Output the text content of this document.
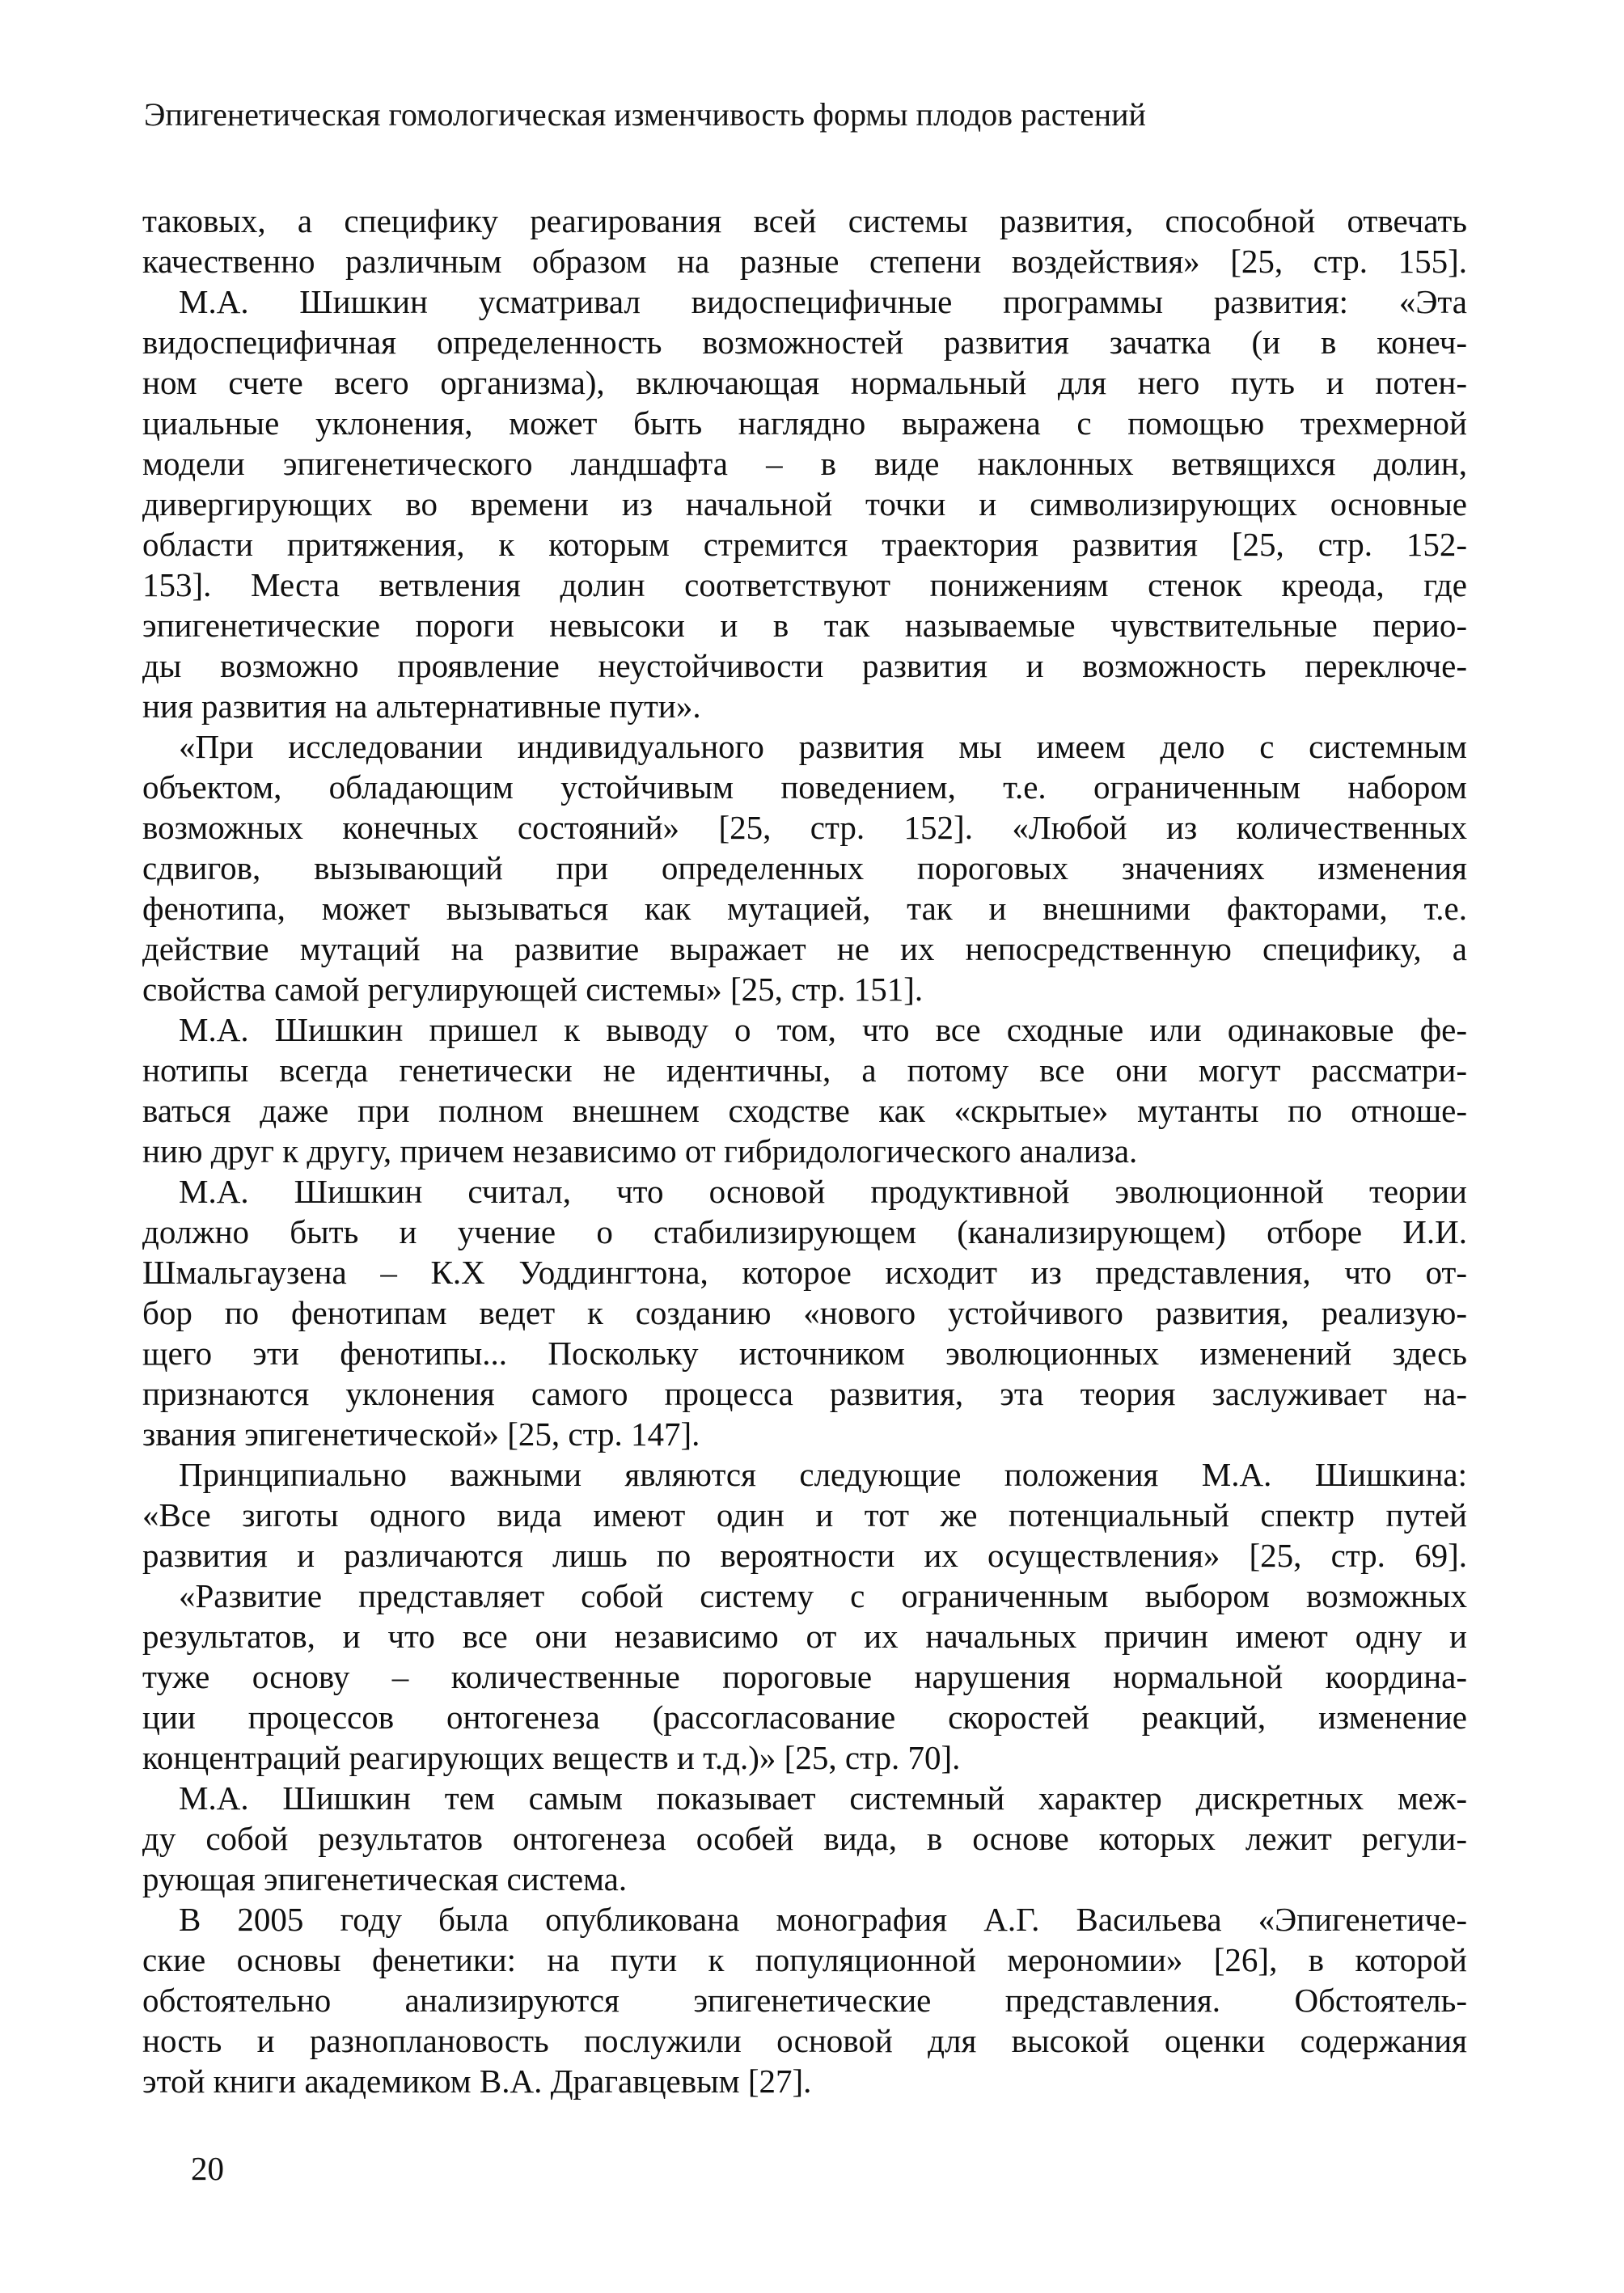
Эпигенетическая гомологическая изменчивость формы плодов растений
таковых, а специфику реагирования всей системы развития, способной отвечать
качественно различным образом на разные степени воздействия» [25, стр. 155].
М.А. Шишкин усматривал видоспецифичные программы развития: «Эта
видоспецифичная определенность возможностей развития зачатка (и в конеч-
ном счете всего организма), включающая нормальный для него путь и потен-
циальные уклонения, может быть наглядно выражена с помощью трехмерной
модели эпигенетического ландшафта – в виде наклонных ветвящихся долин,
дивергирующих во времени из начальной точки и символизирующих основные
области притяжения, к которым стремится траектория развития [25, стр. 152-
153]. Места ветвления долин соответствуют понижениям стенок креода, где
эпигенетические пороги невысоки и в так называемые чувствительные перио-
ды возможно проявление неустойчивости развития и возможность переключе-
ния развития на альтернативные пути».
«При исследовании индивидуального развития мы имеем дело с системным
объектом, обладающим устойчивым поведением, т.е. ограниченным набором
возможных конечных состояний» [25, стр. 152]. «Любой из количественных
сдвигов, вызывающий при определенных пороговых значениях изменения
фенотипа, может вызываться как мутацией, так и внешними факторами, т.е.
действие мутаций на развитие выражает не их непосредственную специфику, а
свойства самой регулирующей системы» [25, стр. 151].
М.А. Шишкин пришел к выводу о том, что все сходные или одинаковые фе-
нотипы всегда генетически не идентичны, а потому все они могут рассматри-
ваться даже при полном внешнем сходстве как «скрытые» мутанты по отноше-
нию друг к другу, причем независимо от гибридологического анализа.
М.А. Шишкин считал, что основой продуктивной эволюционной теории
должно быть и учение о стабилизирующем (канализирующем) отборе И.И.
Шмальгаузена – К.Х Уоддингтона, которое исходит из представления, что от-
бор по фенотипам ведет к созданию «нового устойчивого развития, реализую-
щего эти фенотипы... Поскольку источником эволюционных изменений здесь
признаются уклонения самого процесса развития, эта теория заслуживает на-
звания эпигенетической» [25, стр. 147].
Принципиально важными являются следующие положения М.А. Шишкина:
«Все зиготы одного вида имеют один и тот же потенциальный спектр путей
развития и различаются лишь по вероятности их осуществления» [25, стр. 69].
«Развитие представляет собой систему с ограниченным выбором возможных
результатов, и что все они независимо от их начальных причин имеют одну и
туже основу – количественные пороговые нарушения нормальной координа-
ции процессов онтогенеза (рассогласование скоростей реакций, изменение
концентраций реагирующих веществ и т.д.)» [25, стр. 70].
М.А. Шишкин тем самым показывает системный характер дискретных меж-
ду собой результатов онтогенеза особей вида, в основе которых лежит регули-
рующая эпигенетическая система.
В 2005 году была опубликована монография А.Г. Васильева «Эпигенетиче-
ские основы фенетики: на пути к популяционной мерономии» [26], в которой
обстоятельно анализируются эпигенетические представления. Обстоятель-
ность и разноплановость послужили основой для высокой оценки содержания
этой книги академиком В.А. Драгавцевым [27].
20
